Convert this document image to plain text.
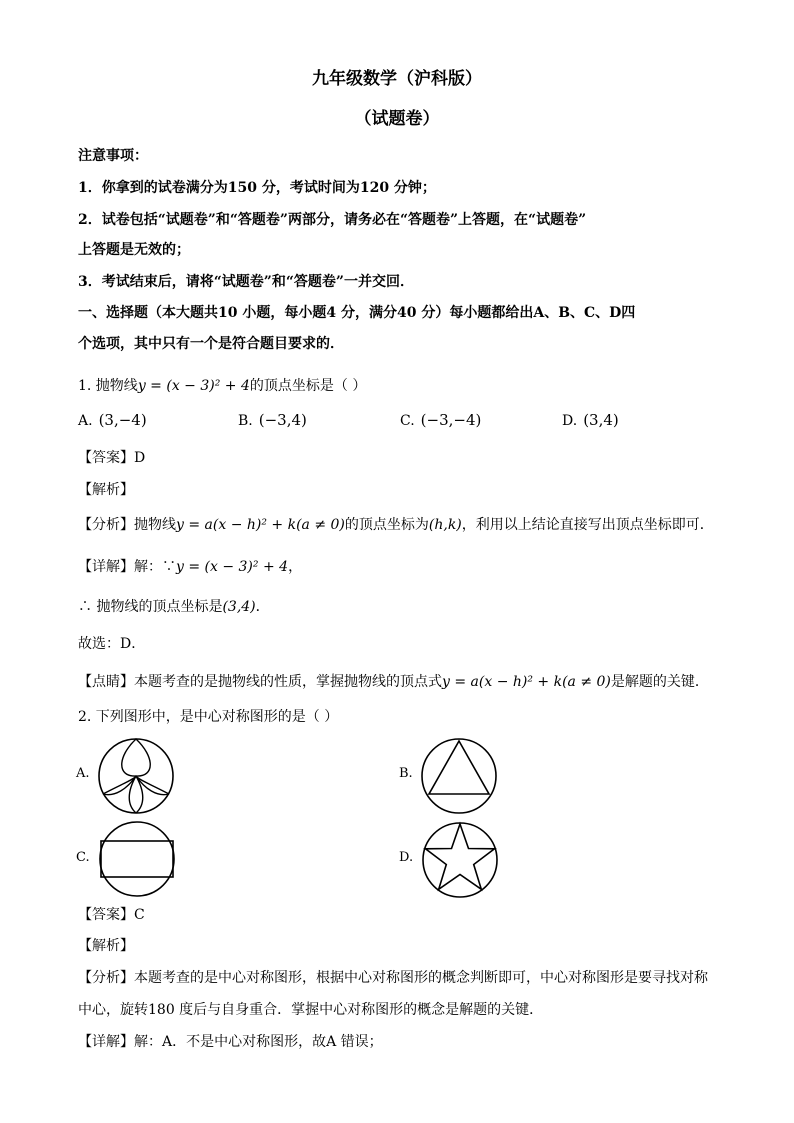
九年级数学（沪科版）
（试题卷）
注意事项：
1．你拿到的试卷满分为150 分，考试时间为120 分钟；
2．试卷包括“试题卷”和“答题卷”两部分，请务必在“答题卷”上答题，在“试题卷”
上答题是无效的；
3．考试结束后，请将“试题卷”和“答题卷”一并交回．
一、选择题（本大题共10 小题，每小题4 分，满分40 分）每小题都给出A、B、C、D四
个选项，其中只有一个是符合题目要求的．
1. 抛物线y = (x − 3)² + 4的顶点坐标是（ ）
A. (3,−4)	B. (−3,4)	C. (−3,−4)	D. (3,4)
【答案】D
【解析】
【分析】抛物线y = a(x − h)² + k(a ≠ 0)的顶点坐标为(h,k)，利用以上结论直接写出顶点坐标即可．
【详解】解：∵y = (x − 3)² + 4，
∴ 抛物线的顶点坐标是(3,4)．
故选：D．
【点睛】本题考查的是抛物线的性质，掌握抛物线的顶点式y = a(x − h)² + k(a ≠ 0)是解题的关键．
2. 下列图形中，是中心对称图形的是（ ）
A.	B.
C.	D.
【答案】C
【解析】
【分析】本题考查的是中心对称图形，根据中心对称图形的概念判断即可，中心对称图形是要寻找对称
中心，旋转180 度后与自身重合．掌握中心对称图形的概念是解题的关键．
【详解】解：A．不是中心对称图形，故A 错误；
